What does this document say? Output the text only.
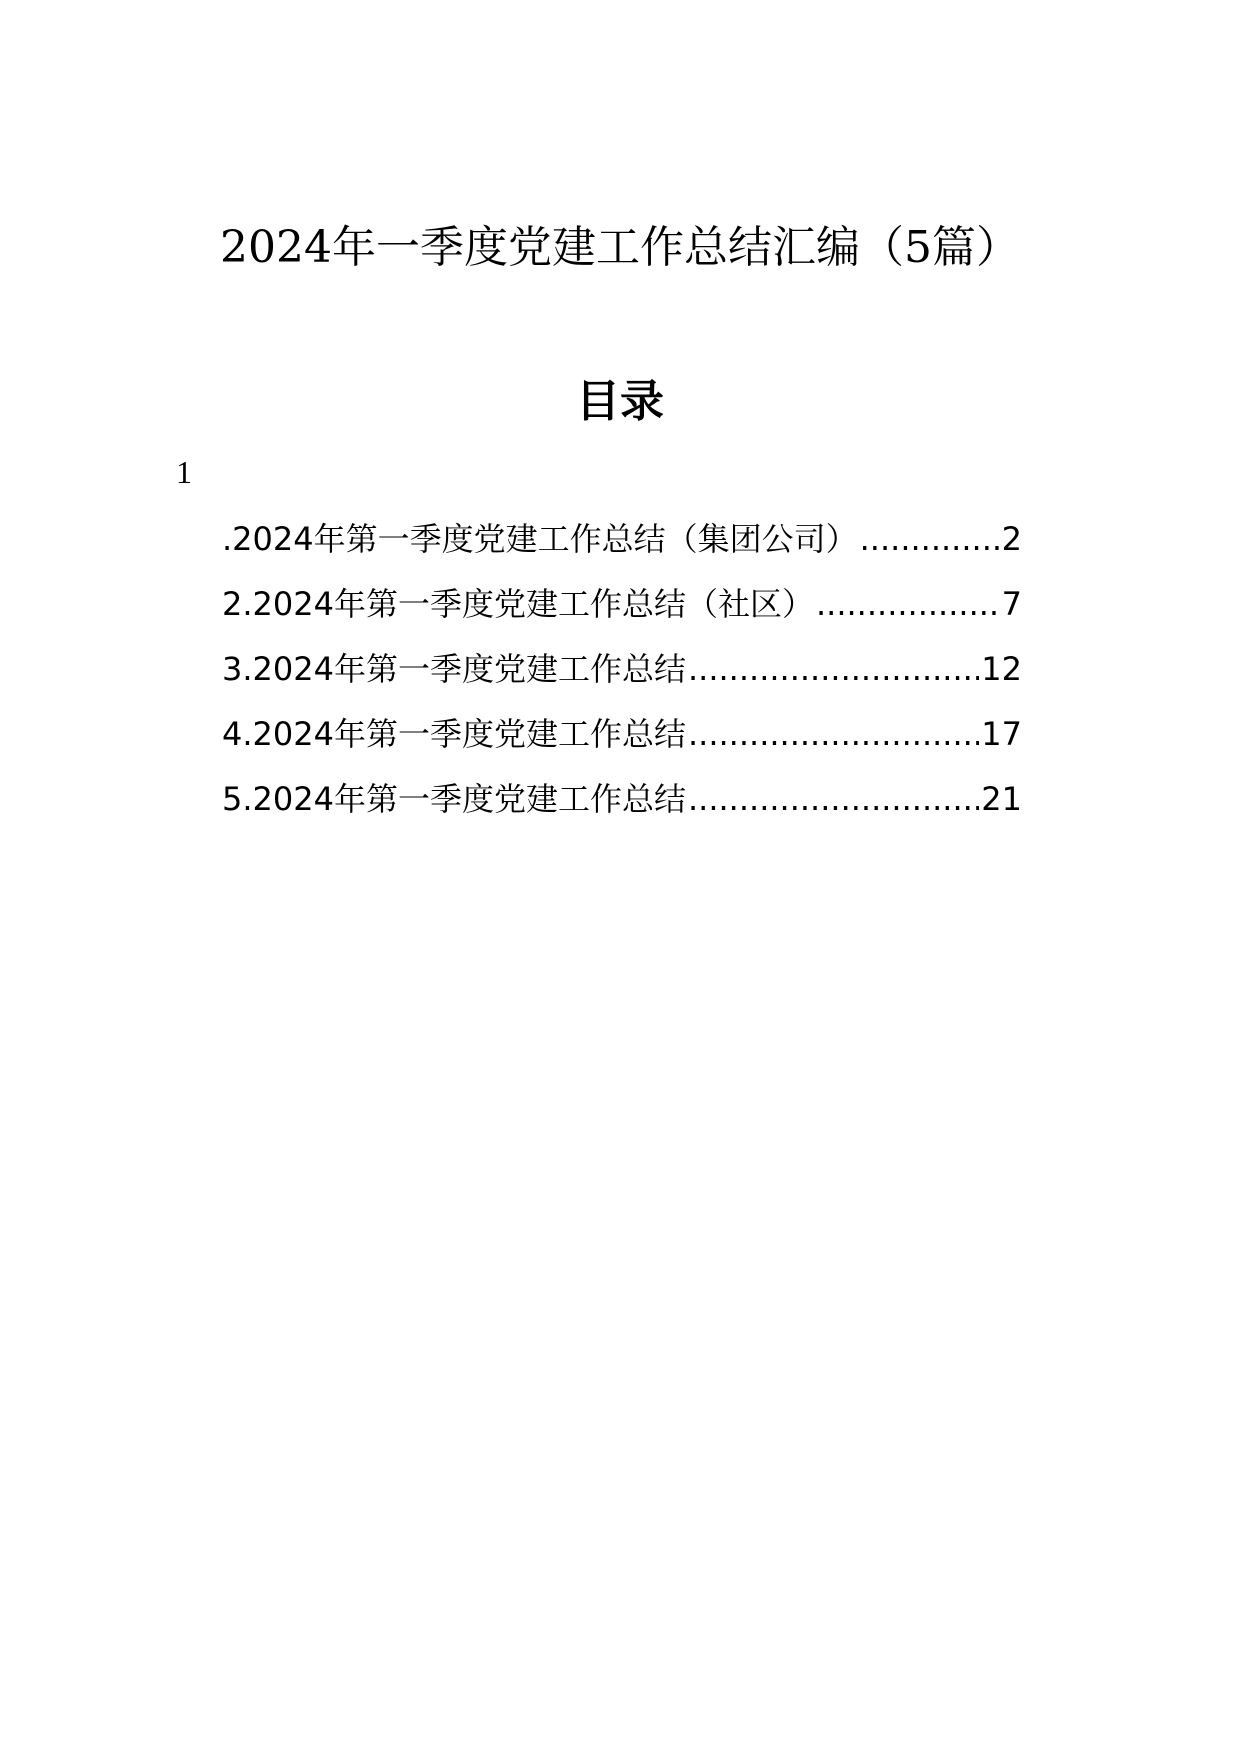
2024年一季度党建工作总结汇编（5篇）
目录
1
.2024年第一季度党建工作总结（集团公司） .....	2
2.2024年第一季度党建工作总结（社区） .....	7
3.2024年第一季度党建工作总结 .....	12
4.2024年第一季度党建工作总结 .....	17
5.2024年第一季度党建工作总结 .....	21
